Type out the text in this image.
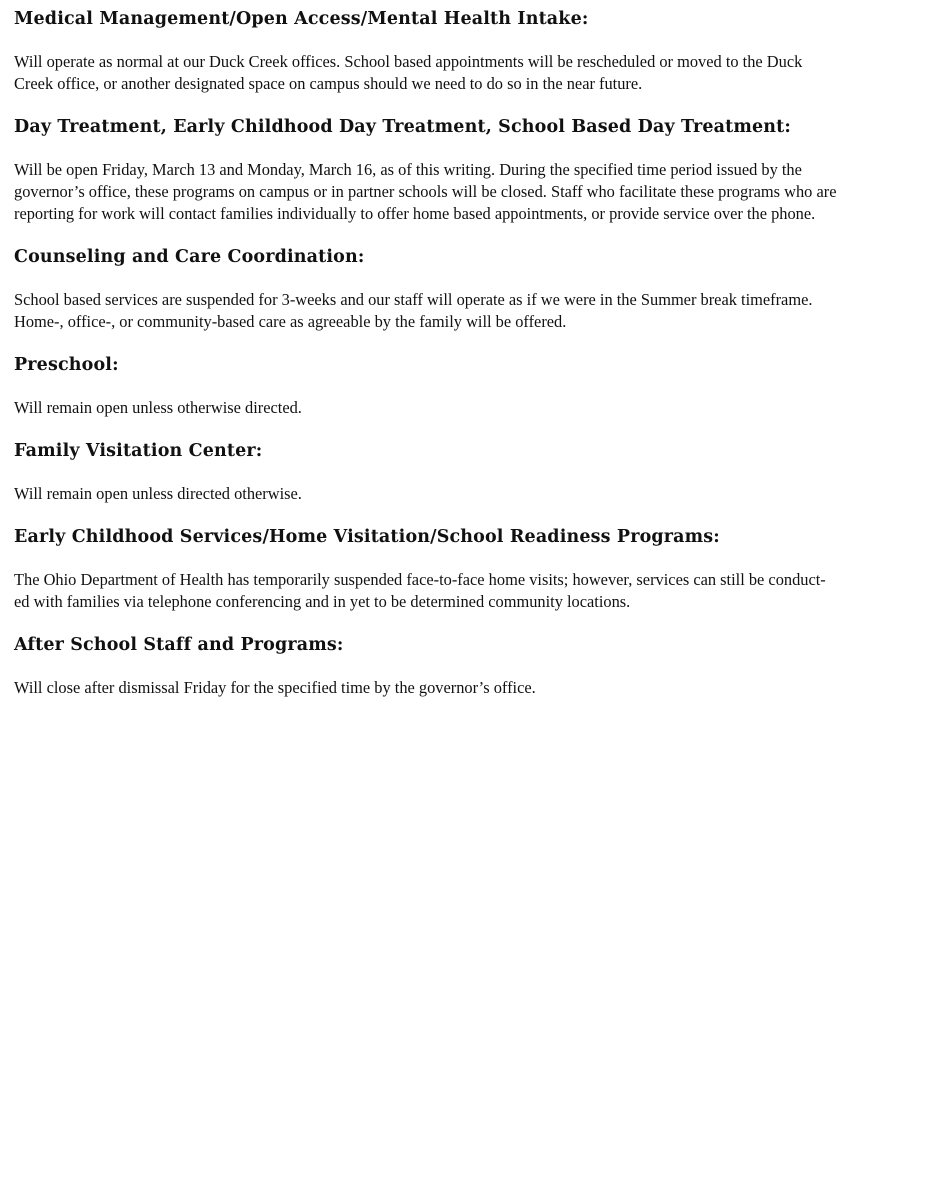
Medical Management/Open Access/Mental Health Intake:

Will operate as normal at our Duck Creek offices. School based appointments will be rescheduled or moved to the Duck
Creek office, or another designated space on campus should we need to do so in the near future.

Day Treatment, Early Childhood Day Treatment, School Based Day Treatment:

Will be open Friday, March 13 and Monday, March 16, as of this writing. During the specified time period issued by the
governor’s office, these programs on campus or in partner schools will be closed. Staff who facilitate these programs who are
reporting for work will contact families individually to offer home based appointments, or provide service over the phone.

Counseling and Care Coordination:

School based services are suspended for 3-weeks and our staff will operate as if we were in the Summer break timeframe.
Home-, office-, or community-based care as agreeable by the family will be offered.

Preschool:

Will remain open unless otherwise directed.

Family Visitation Center:

Will remain open unless directed otherwise.

Early Childhood Services/Home Visitation/School Readiness Programs:

The Ohio Department of Health has temporarily suspended face-to-face home visits; however, services can still be conduct-
ed with families via telephone conferencing and in yet to be determined community locations.

After School Staff and Programs:

Will close after dismissal Friday for the specified time by the governor’s office.
